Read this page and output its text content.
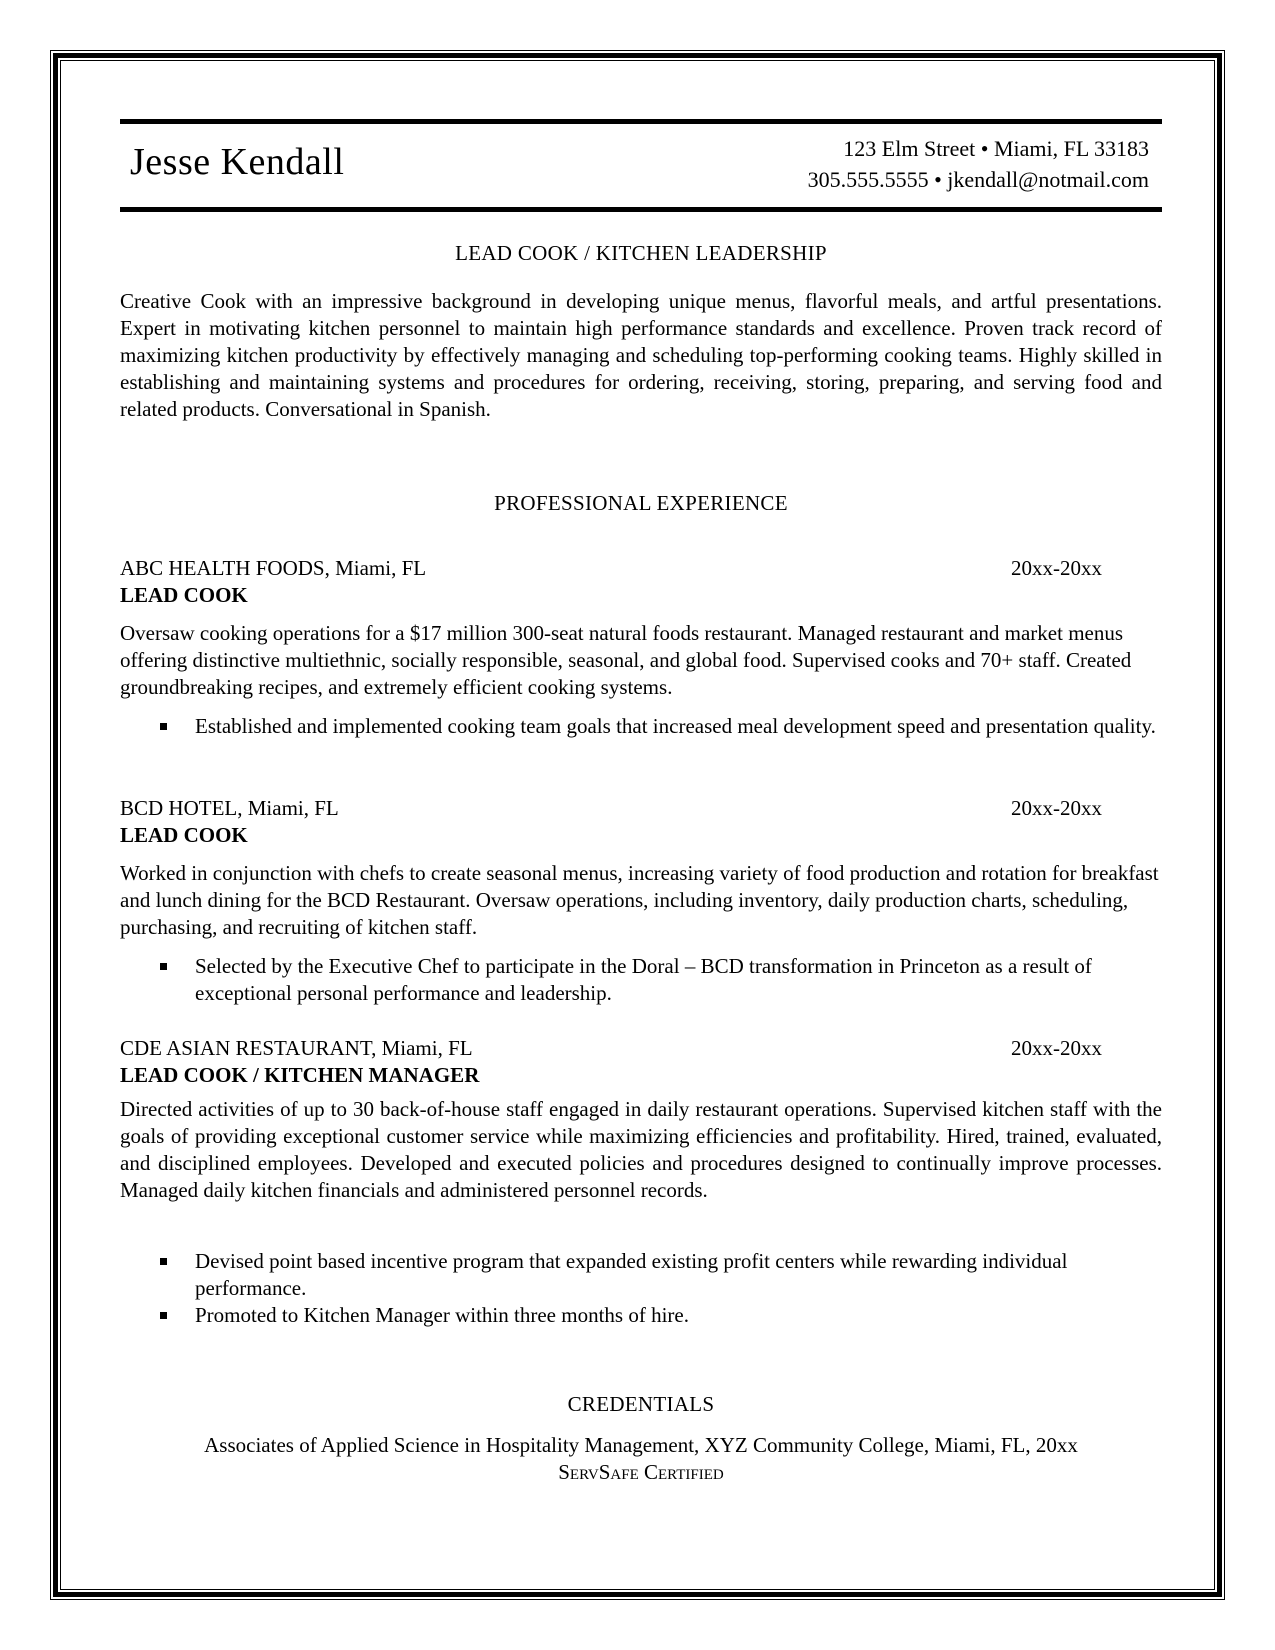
Jesse Kendall	123 Elm Street • Miami, FL 33183
305.555.5555 • jkendall@notmail.com
LEAD COOK / KITCHEN LEADERSHIP
Creative Cook with an impressive background in developing unique menus, flavorful meals, and artful presentations. Expert in motivating kitchen personnel to maintain high performance standards and excellence. Proven track record of maximizing kitchen productivity by effectively managing and scheduling top-performing cooking teams. Highly skilled in establishing and maintaining systems and procedures for ordering, receiving, storing, preparing, and serving food and related products. Conversational in Spanish.
PROFESSIONAL EXPERIENCE
ABC HEALTH FOODS, Miami, FL	20xx-20xx
LEAD COOK
Oversaw cooking operations for a $17 million 300-seat natural foods restaurant. Managed restaurant and market menus offering distinctive multiethnic, socially responsible, seasonal, and global food. Supervised cooks and 70+ staff. Created groundbreaking recipes, and extremely efficient cooking systems.
Established and implemented cooking team goals that increased meal development speed and presentation quality.
BCD HOTEL, Miami, FL	20xx-20xx
LEAD COOK
Worked in conjunction with chefs to create seasonal menus, increasing variety of food production and rotation for breakfast and lunch dining for the BCD Restaurant. Oversaw operations, including inventory, daily production charts, scheduling, purchasing, and recruiting of kitchen staff.
Selected by the Executive Chef to participate in the Doral – BCD transformation in Princeton as a result of exceptional personal performance and leadership.
CDE ASIAN RESTAURANT, Miami, FL	20xx-20xx
LEAD COOK / KITCHEN MANAGER
Directed activities of up to 30 back-of-house staff engaged in daily restaurant operations. Supervised kitchen staff with the goals of providing exceptional customer service while maximizing efficiencies and profitability. Hired, trained, evaluated, and disciplined employees. Developed and executed policies and procedures designed to continually improve processes. Managed daily kitchen financials and administered personnel records.
Devised point based incentive program that expanded existing profit centers while rewarding individual performance.
Promoted to Kitchen Manager within three months of hire.
CREDENTIALS
Associates of Applied Science in Hospitality Management, XYZ Community College, Miami, FL, 20xx
ServSafe Certified
